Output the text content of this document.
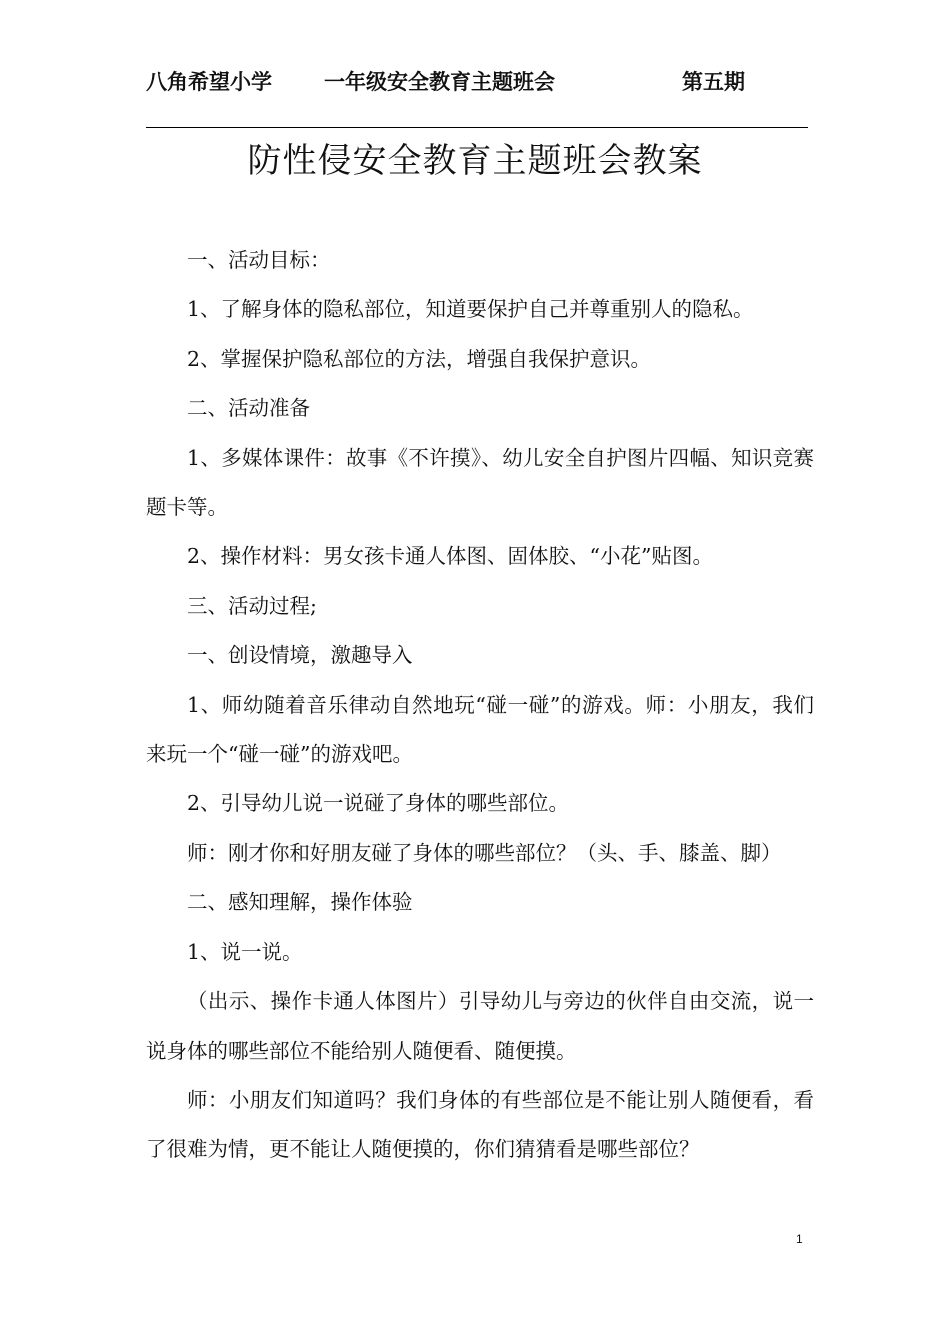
八角希望小学 一年级安全教育主题班会	第五期
防性侵安全教育主题班会教案

一、活动目标：

1、了解身体的隐私部位，知道要保护自己并尊重别人的隐私。

2、掌握保护隐私部位的方法，增强自我保护意识。

二、活动准备

1、多媒体课件：故事《不许摸》、幼儿安全自护图片四幅、知识竞赛题卡等。

2、操作材料：男女孩卡通人体图、固体胶、“小花”贴图。

三、活动过程;

一、创设情境，激趣导入

1、师幼随着音乐律动自然地玩“碰一碰”的游戏。师：小朋友，我们来玩一个“碰一碰”的游戏吧。

2、引导幼儿说一说碰了身体的哪些部位。

师：刚才你和好朋友碰了身体的哪些部位？（头、手、膝盖、脚）

二、感知理解，操作体验

1、说一说。

（出示、操作卡通人体图片）引导幼儿与旁边的伙伴自由交流，说一说身体的哪些部位不能给别人随便看、随便摸。

师：小朋友们知道吗？我们身体的有些部位是不能让别人随便看，看了很难为情，更不能让人随便摸的，你们猜猜看是哪些部位？

1
